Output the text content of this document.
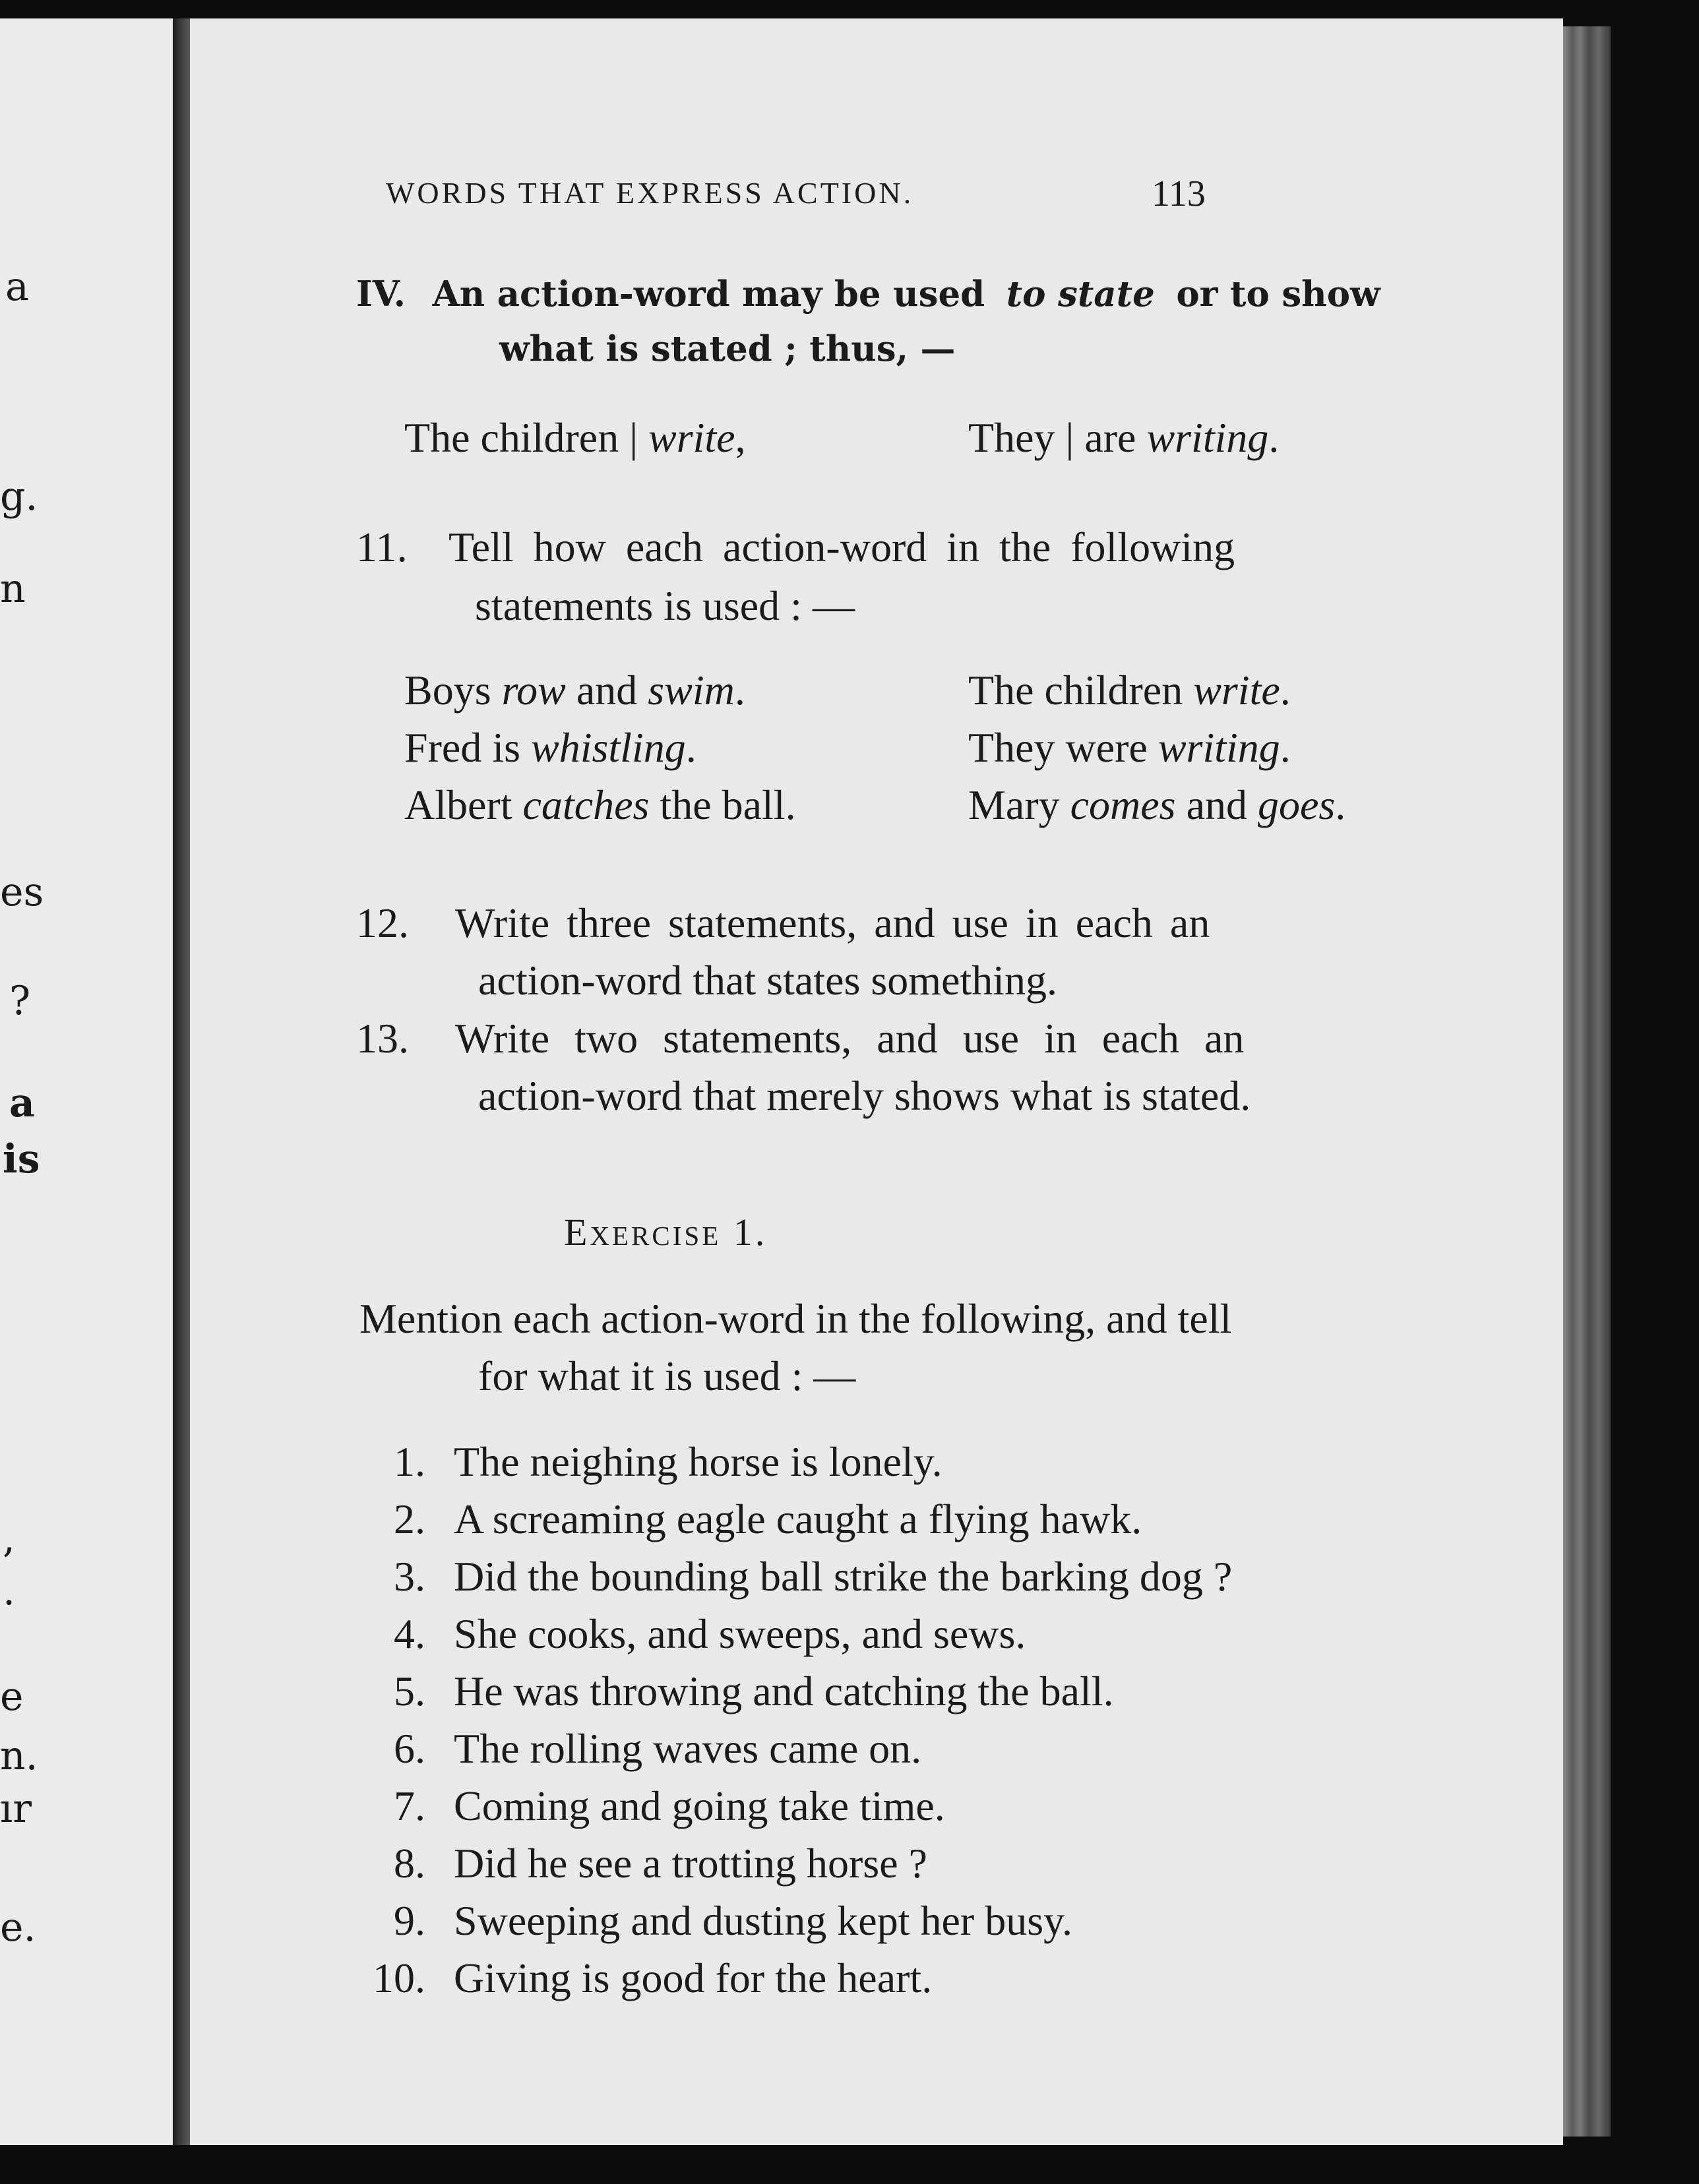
a
g.
n
es
?
a
is
,
.
e
n.
ır
e.
WORDS THAT EXPRESS ACTION.	113
IV. An action-word may be used to state or to show
what is stated ; thus, —
The children | write,	They | are writing.
11. Tell how each action-word in the following
statements is used : —
Boys row and swim.
Fred is whistling.
Albert catches the ball.
The children write.
They were writing.
Mary comes and goes.
12. Write three statements, and use in each an
action-word that states something.
13. Write two statements, and use in each an
action-word that merely shows what is stated.
Exercise 1.
Mention each action-word in the following, and tell
for what it is used : —
1. The neighing horse is lonely.
2. A screaming eagle caught a flying hawk.
3. Did the bounding ball strike the barking dog ?
4. She cooks, and sweeps, and sews.
5. He was throwing and catching the ball.
6. The rolling waves came on.
7. Coming and going take time.
8. Did he see a trotting horse ?
9. Sweeping and dusting kept her busy.
10. Giving is good for the heart.
